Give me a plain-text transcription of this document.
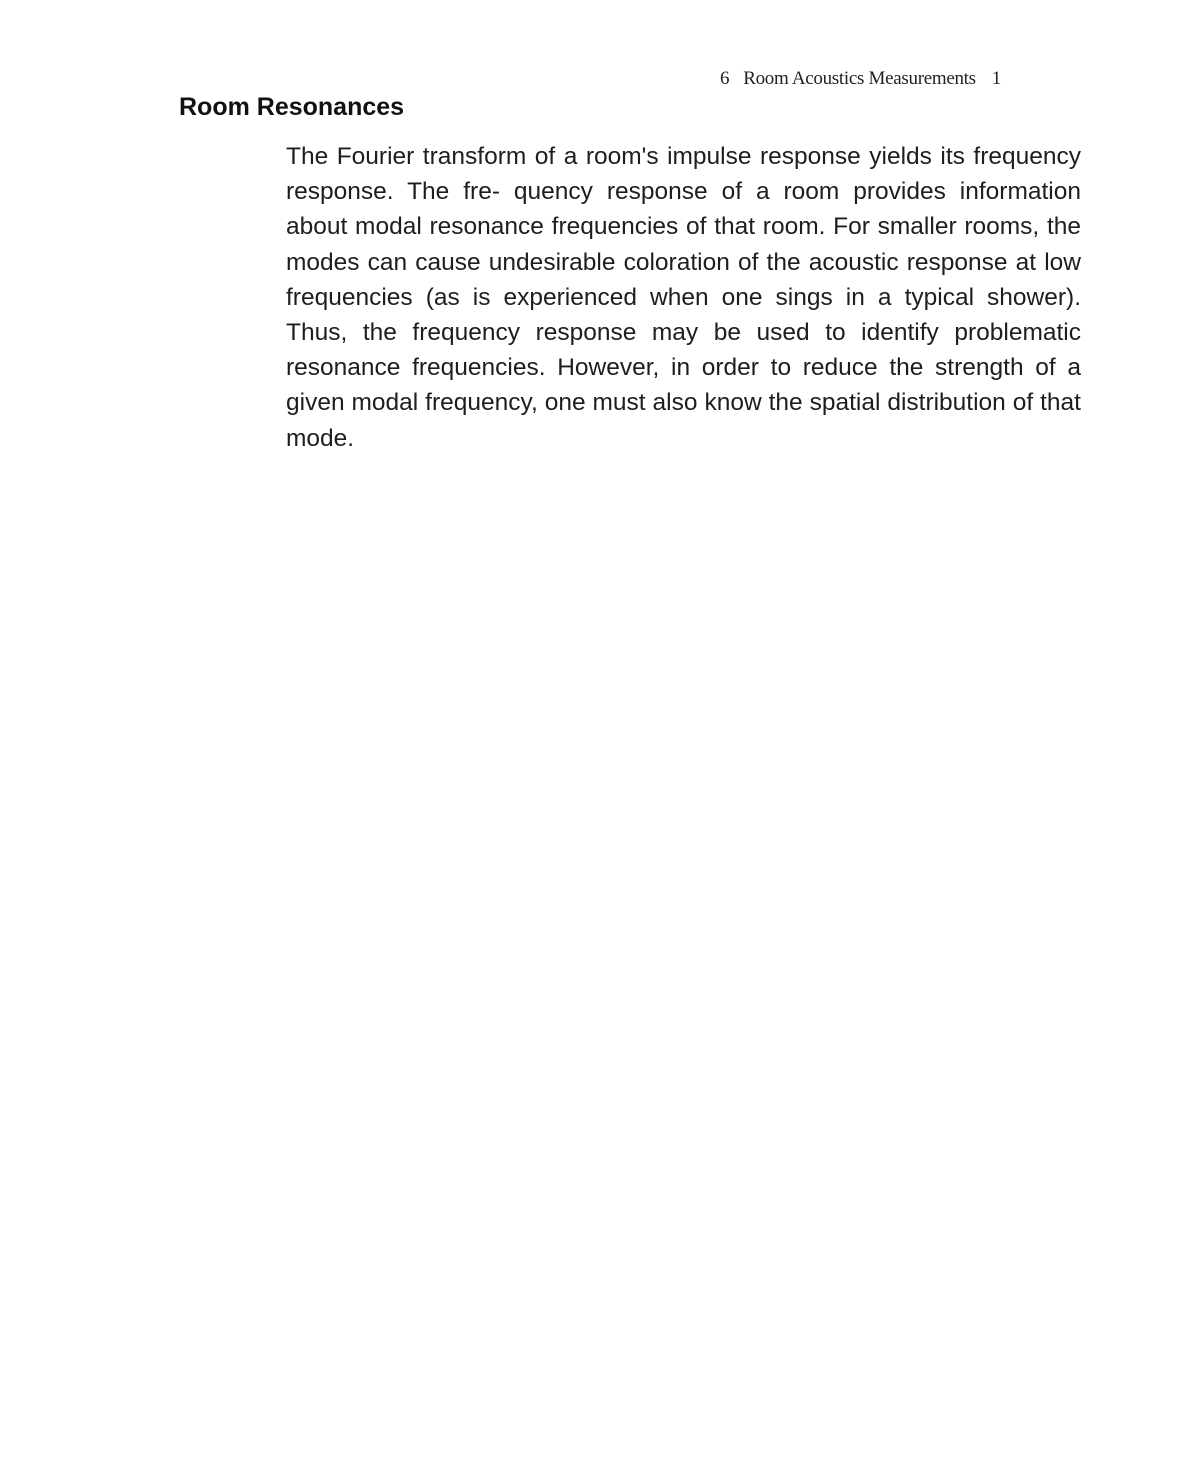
6 Room Acoustics Measurements 1
Room Resonances

The Fourier transform of a room's impulse response yields its frequency response. The fre- quency response of a room provides information about modal resonance frequencies of that room. For smaller rooms, the modes can cause undesirable coloration of the acoustic response at low frequencies (as is experienced when one sings in a typical shower). Thus, the frequency response may be used to identify problematic resonance frequencies. However, in order to reduce the strength of a given modal frequency, one must also know the spatial distribution of that mode.
